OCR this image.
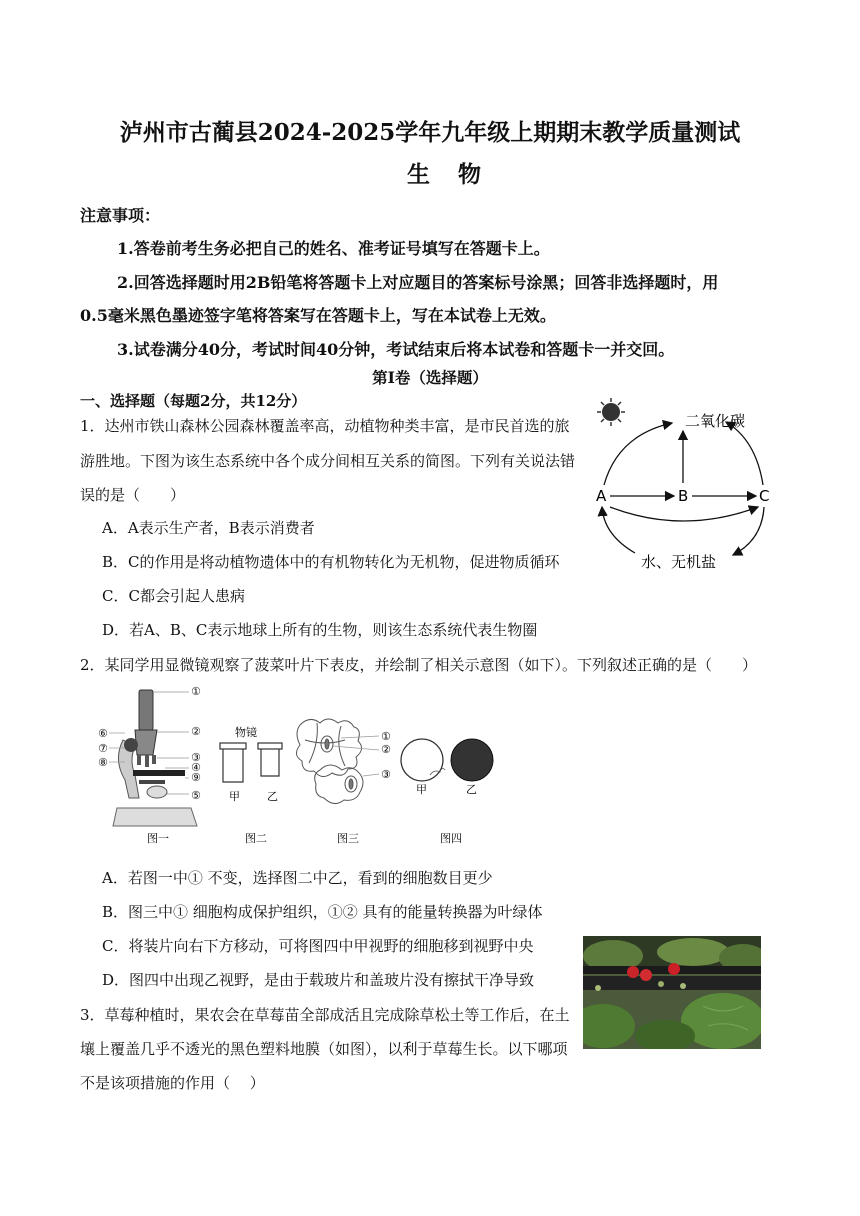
泸州市古蔺县2024-2025学年九年级上期期末教学质量测试
生物
注意事项：
1.答卷前考生务必把自己的姓名、准考证号填写在答题卡上。
2.回答选择题时用2B铅笔将答题卡上对应题目的答案标号涂黑；回答非选择题时，用
0.5毫米黑色墨迹签字笔将答案写在答题卡上，写在本试卷上无效。
3.试卷满分40分，考试时间40分钟，考试结束后将本试卷和答题卡一并交回。
第Ⅰ卷（选择题）
一、选择题（每题2分，共12分）
1．达州市铁山森林公园森林覆盖率高，动植物种类丰富，是市民首选的旅
游胜地。下图为该生态系统中各个成分间相互关系的简图。下列有关说法错
误的是（　　）
A．A表示生产者，B表示消费者
B．C的作用是将动植物遗体中的有机物转化为无机物，促进物质循环
C．C都会引起人患病
D．若A、B、C表示地球上所有的生物，则该生态系统代表生物圈
二氧化碳
A	B	C
水、无机盐
2．某同学用显微镜观察了菠菜叶片下表皮，并绘制了相关示意图（如下）。下列叙述正确的是（　　）
①
②
③
④
⑨
⑤
⑥
⑦
⑧
物镜
甲 乙
①
②
③
甲	乙
图一	图二	图三	图四
A．若图一中① 不变，选择图二中乙，看到的细胞数目更少
B．图三中① 细胞构成保护组织，①② 具有的能量转换器为叶绿体
C．将装片向右下方移动，可将图四中甲视野的细胞移到视野中央
D．图四中出现乙视野，是由于载玻片和盖玻片没有擦拭干净导致
3．草莓种植时，果农会在草莓苗全部成活且完成除草松土等工作后，在土
壤上覆盖几乎不透光的黑色塑料地膜（如图），以利于草莓生长。以下哪项
不是该项措施的作用（　 ）
